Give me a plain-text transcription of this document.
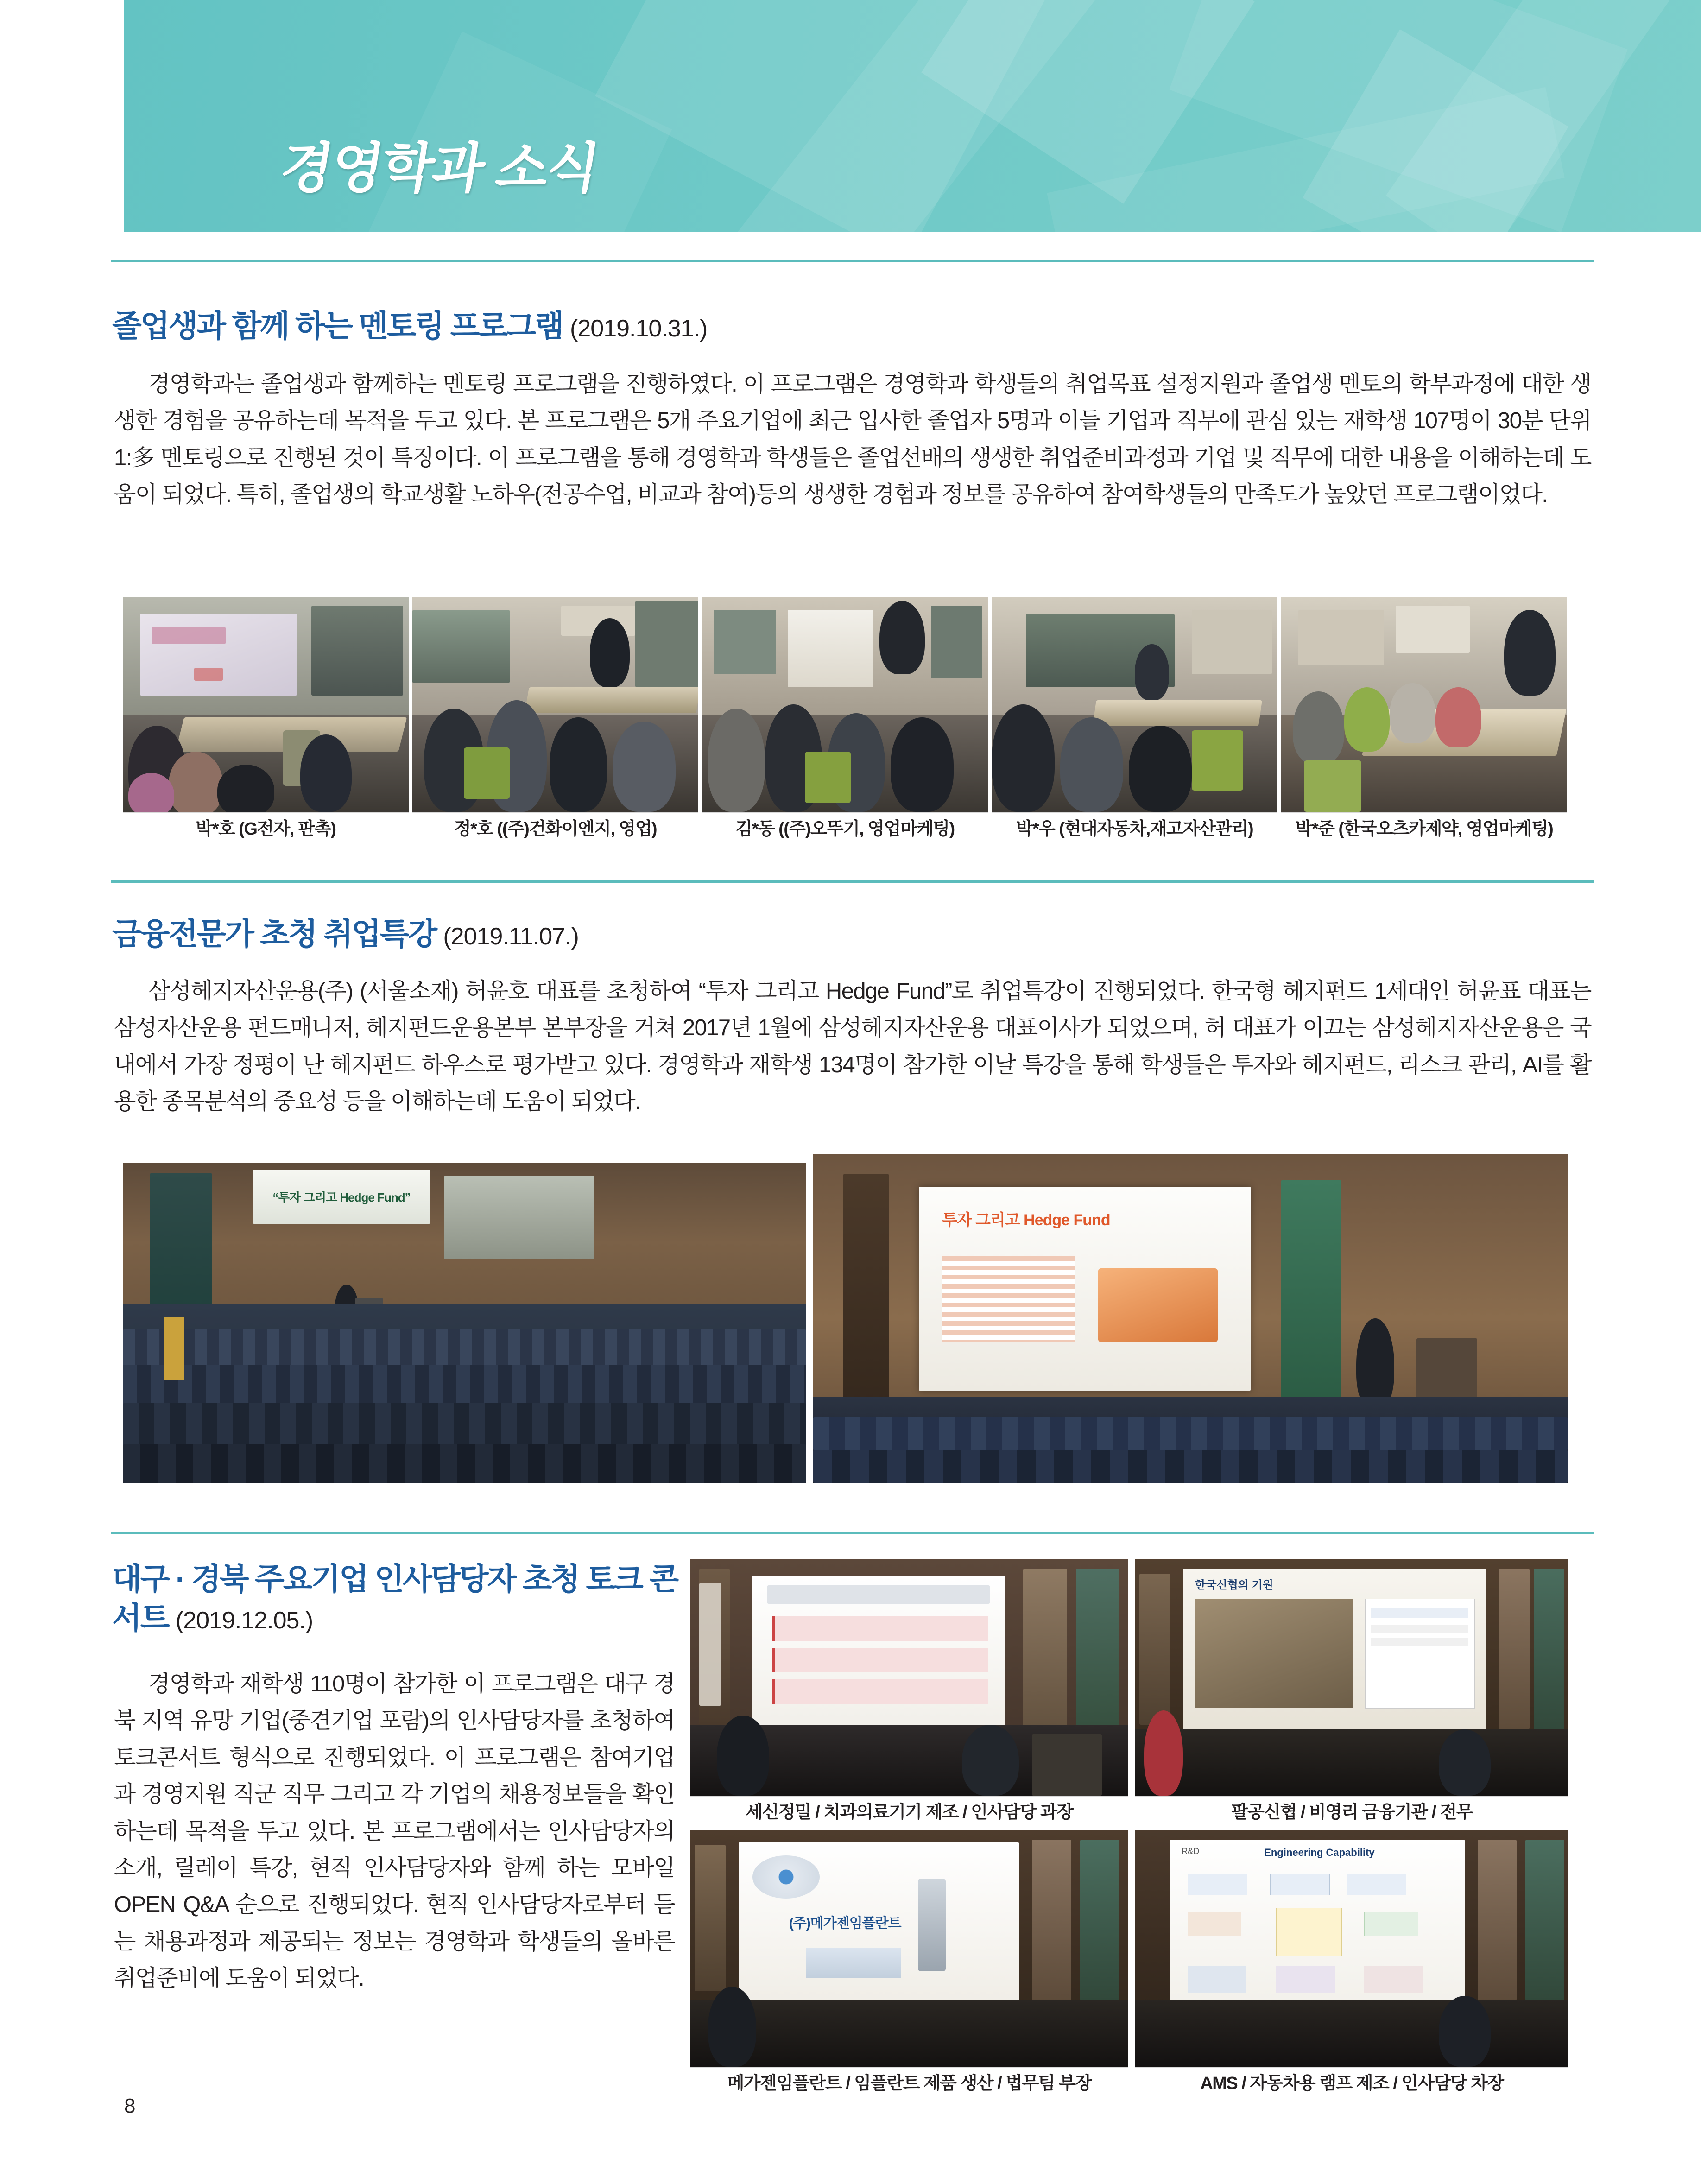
경영학과 소식
졸업생과 함께 하는 멘토링 프로그램 (2019.10.31.)
경영학과는 졸업생과 함께하는 멘토링 프로그램을 진행하였다. 이 프로그램은 경영학과 학생들의 취업목표 설정지원과 졸업생 멘토의 학부과정에 대한 생생한 경험을 공유하는데 목적을 두고 있다. 본 프로그램은 5개 주요기업에 최근 입사한 졸업자 5명과 이들 기업과 직무에 관심 있는 재학생 107명이 30분 단위 1:多 멘토링으로 진행된 것이 특징이다. 이 프로그램을 통해 경영학과 학생들은 졸업선배의 생생한 취업준비과정과 기업 및 직무에 대한 내용을 이해하는데 도움이 되었다. 특히, 졸업생의 학교생활 노하우(전공수업, 비교과 참여)등의 생생한 경험과 정보를 공유하여 참여학생들의 만족도가 높았던 프로그램이었다.
박*호 (G전자, 판촉)	정*호 ((주)건화이엔지, 영업)	김*동 ((주)오뚜기, 영업마케팅)	박*우 (현대자동차,재고자산관리) 박*준 (한국오츠카제약, 영업마케팅)
금융전문가 초청 취업특강 (2019.11.07.)
삼성헤지자산운용(주) (서울소재) 허윤호 대표를 초청하여 “투자 그리고 Hedge Fund”로 취업특강이 진행되었다. 한국형 헤지펀드 1세대인 허윤표 대표는 삼성자산운용 펀드매니저, 헤지펀드운용본부 본부장을 거쳐 2017년 1월에 삼성헤지자산운용 대표이사가 되었으며, 허 대표가 이끄는 삼성헤지자산운용은 국내에서 가장 정평이 난 헤지펀드 하우스로 평가받고 있다. 경영학과 재학생 134명이 참가한 이날 특강을 통해 학생들은 투자와 헤지펀드, 리스크 관리, AI를 활용한 종목분석의 중요성 등을 이해하는데 도움이 되었다.
“투자 그리고 Hedge Fund”
투자 그리고 Hedge Fund
대구 · 경북 주요기업 인사담당자 초청 토크 콘서트 (2019.12.05.)
경영학과 재학생 110명이 참가한 이 프로그램은 대구 경북 지역 유망 기업(중견기업 포람)의 인사담당자를 초청하여 토크콘서트 형식으로 진행되었다. 이 프로그램은 참여기업과 경영지원 직군 직무 그리고 각 기업의 채용정보들을 확인하는데 목적을 두고 있다. 본 프로그램에서는 인사담당자의 소개, 릴레이 특강, 현직 인사담당자와 함께 하는 모바일 OPEN Q&A 순으로 진행되었다. 현직 인사담당자로부터 듣는 채용과정과 제공되는 정보는 경영학과 학생들의 올바른 취업준비에 도움이 되었다.
세신정밀 / 치과의료기기 제조 / 인사담당 과장
한국신협의 기원
팔공신협 / 비영리 금융기관 / 전무
(주)메가젠임플란트
메가젠임플란트 / 임플란트 제품 생산 / 법무팀 부장
R&D	Engineering Capability
AMS / 자동차용 램프 제조 / 인사담당 차장
8
